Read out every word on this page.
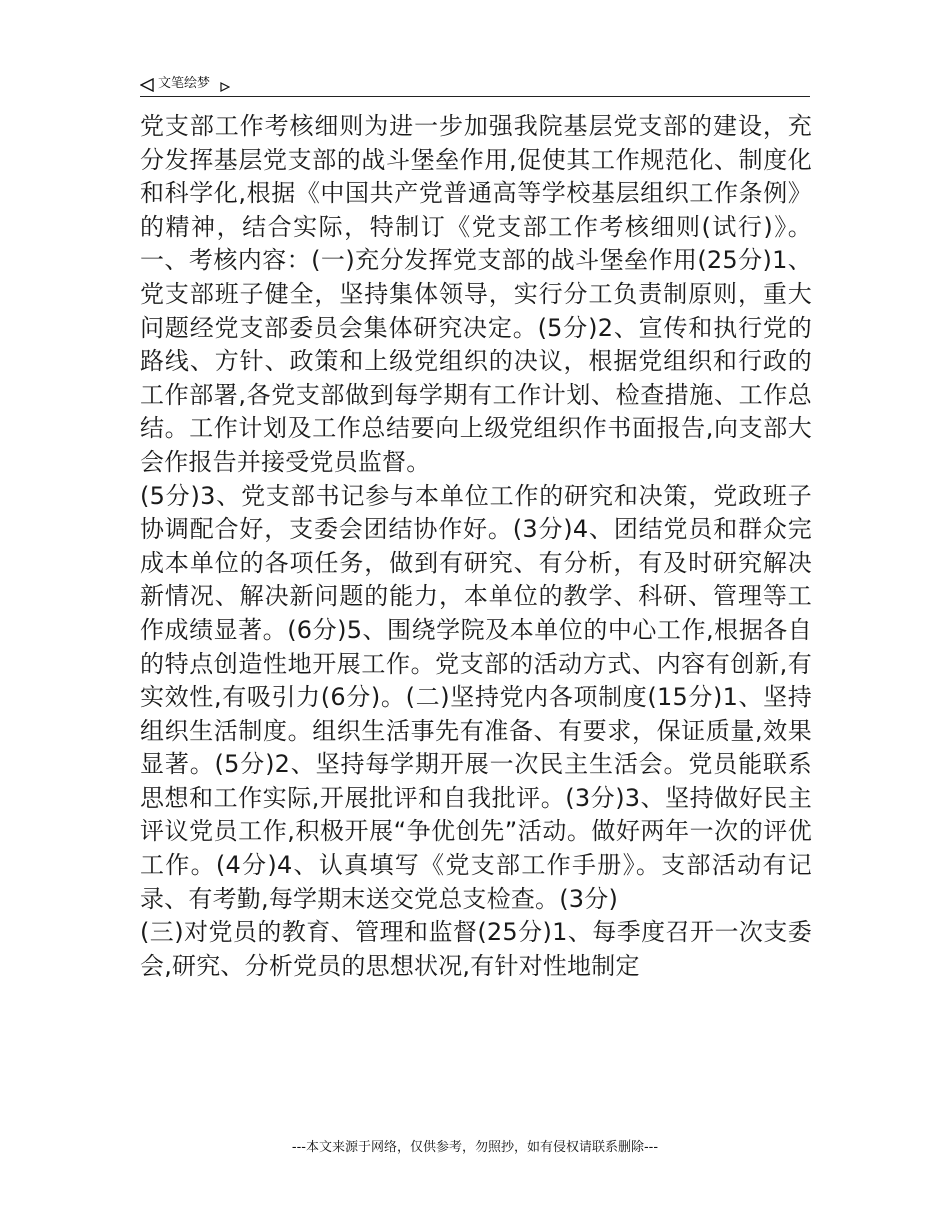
文笔绘梦
党支部工作考核细则为进一步加强我院基层党支部的建设，充分发挥基层党支部的战斗堡垒作用,促使其工作规范化、制度化和科学化,根据《中国共产党普通高等学校基层组织工作条例》的精神，结合实际，特制订《党支部工作考核细则(试行)》。一、考核内容：(一)充分发挥党支部的战斗堡垒作用(25分)1、党支部班子健全，坚持集体领导，实行分工负责制原则，重大问题经党支部委员会集体研究决定。(5分)2、宣传和执行党的路线、方针、政策和上级党组织的决议，根据党组织和行政的工作部署,各党支部做到每学期有工作计划、检查措施、工作总结。工作计划及工作总结要向上级党组织作书面报告,向支部大会作报告并接受党员监督。
(5分)3、党支部书记参与本单位工作的研究和决策，党政班子协调配合好，支委会团结协作好。(3分)4、团结党员和群众完成本单位的各项任务，做到有研究、有分析，有及时研究解决新情况、解决新问题的能力，本单位的教学、科研、管理等工作成绩显著。(6分)5、围绕学院及本单位的中心工作,根据各自的特点创造性地开展工作。党支部的活动方式、内容有创新,有实效性,有吸引力(6分)。(二)坚持党内各项制度(15分)1、坚持组织生活制度。组织生活事先有准备、有要求，保证质量,效果显著。(5分)2、坚持每学期开展一次民主生活会。党员能联系思想和工作实际,开展批评和自我批评。(3分)3、坚持做好民主评议党员工作,积极开展“争优创先”活动。做好两年一次的评优工作。(4分)4、认真填写《党支部工作手册》。支部活动有记录、有考勤,每学期末送交党总支检查。(3分)
(三)对党员的教育、管理和监督(25分)1、每季度召开一次支委会,研究、分析党员的思想状况,有针对性地制定
---本文来源于网络，仅供参考，勿照抄，如有侵权请联系删除---
